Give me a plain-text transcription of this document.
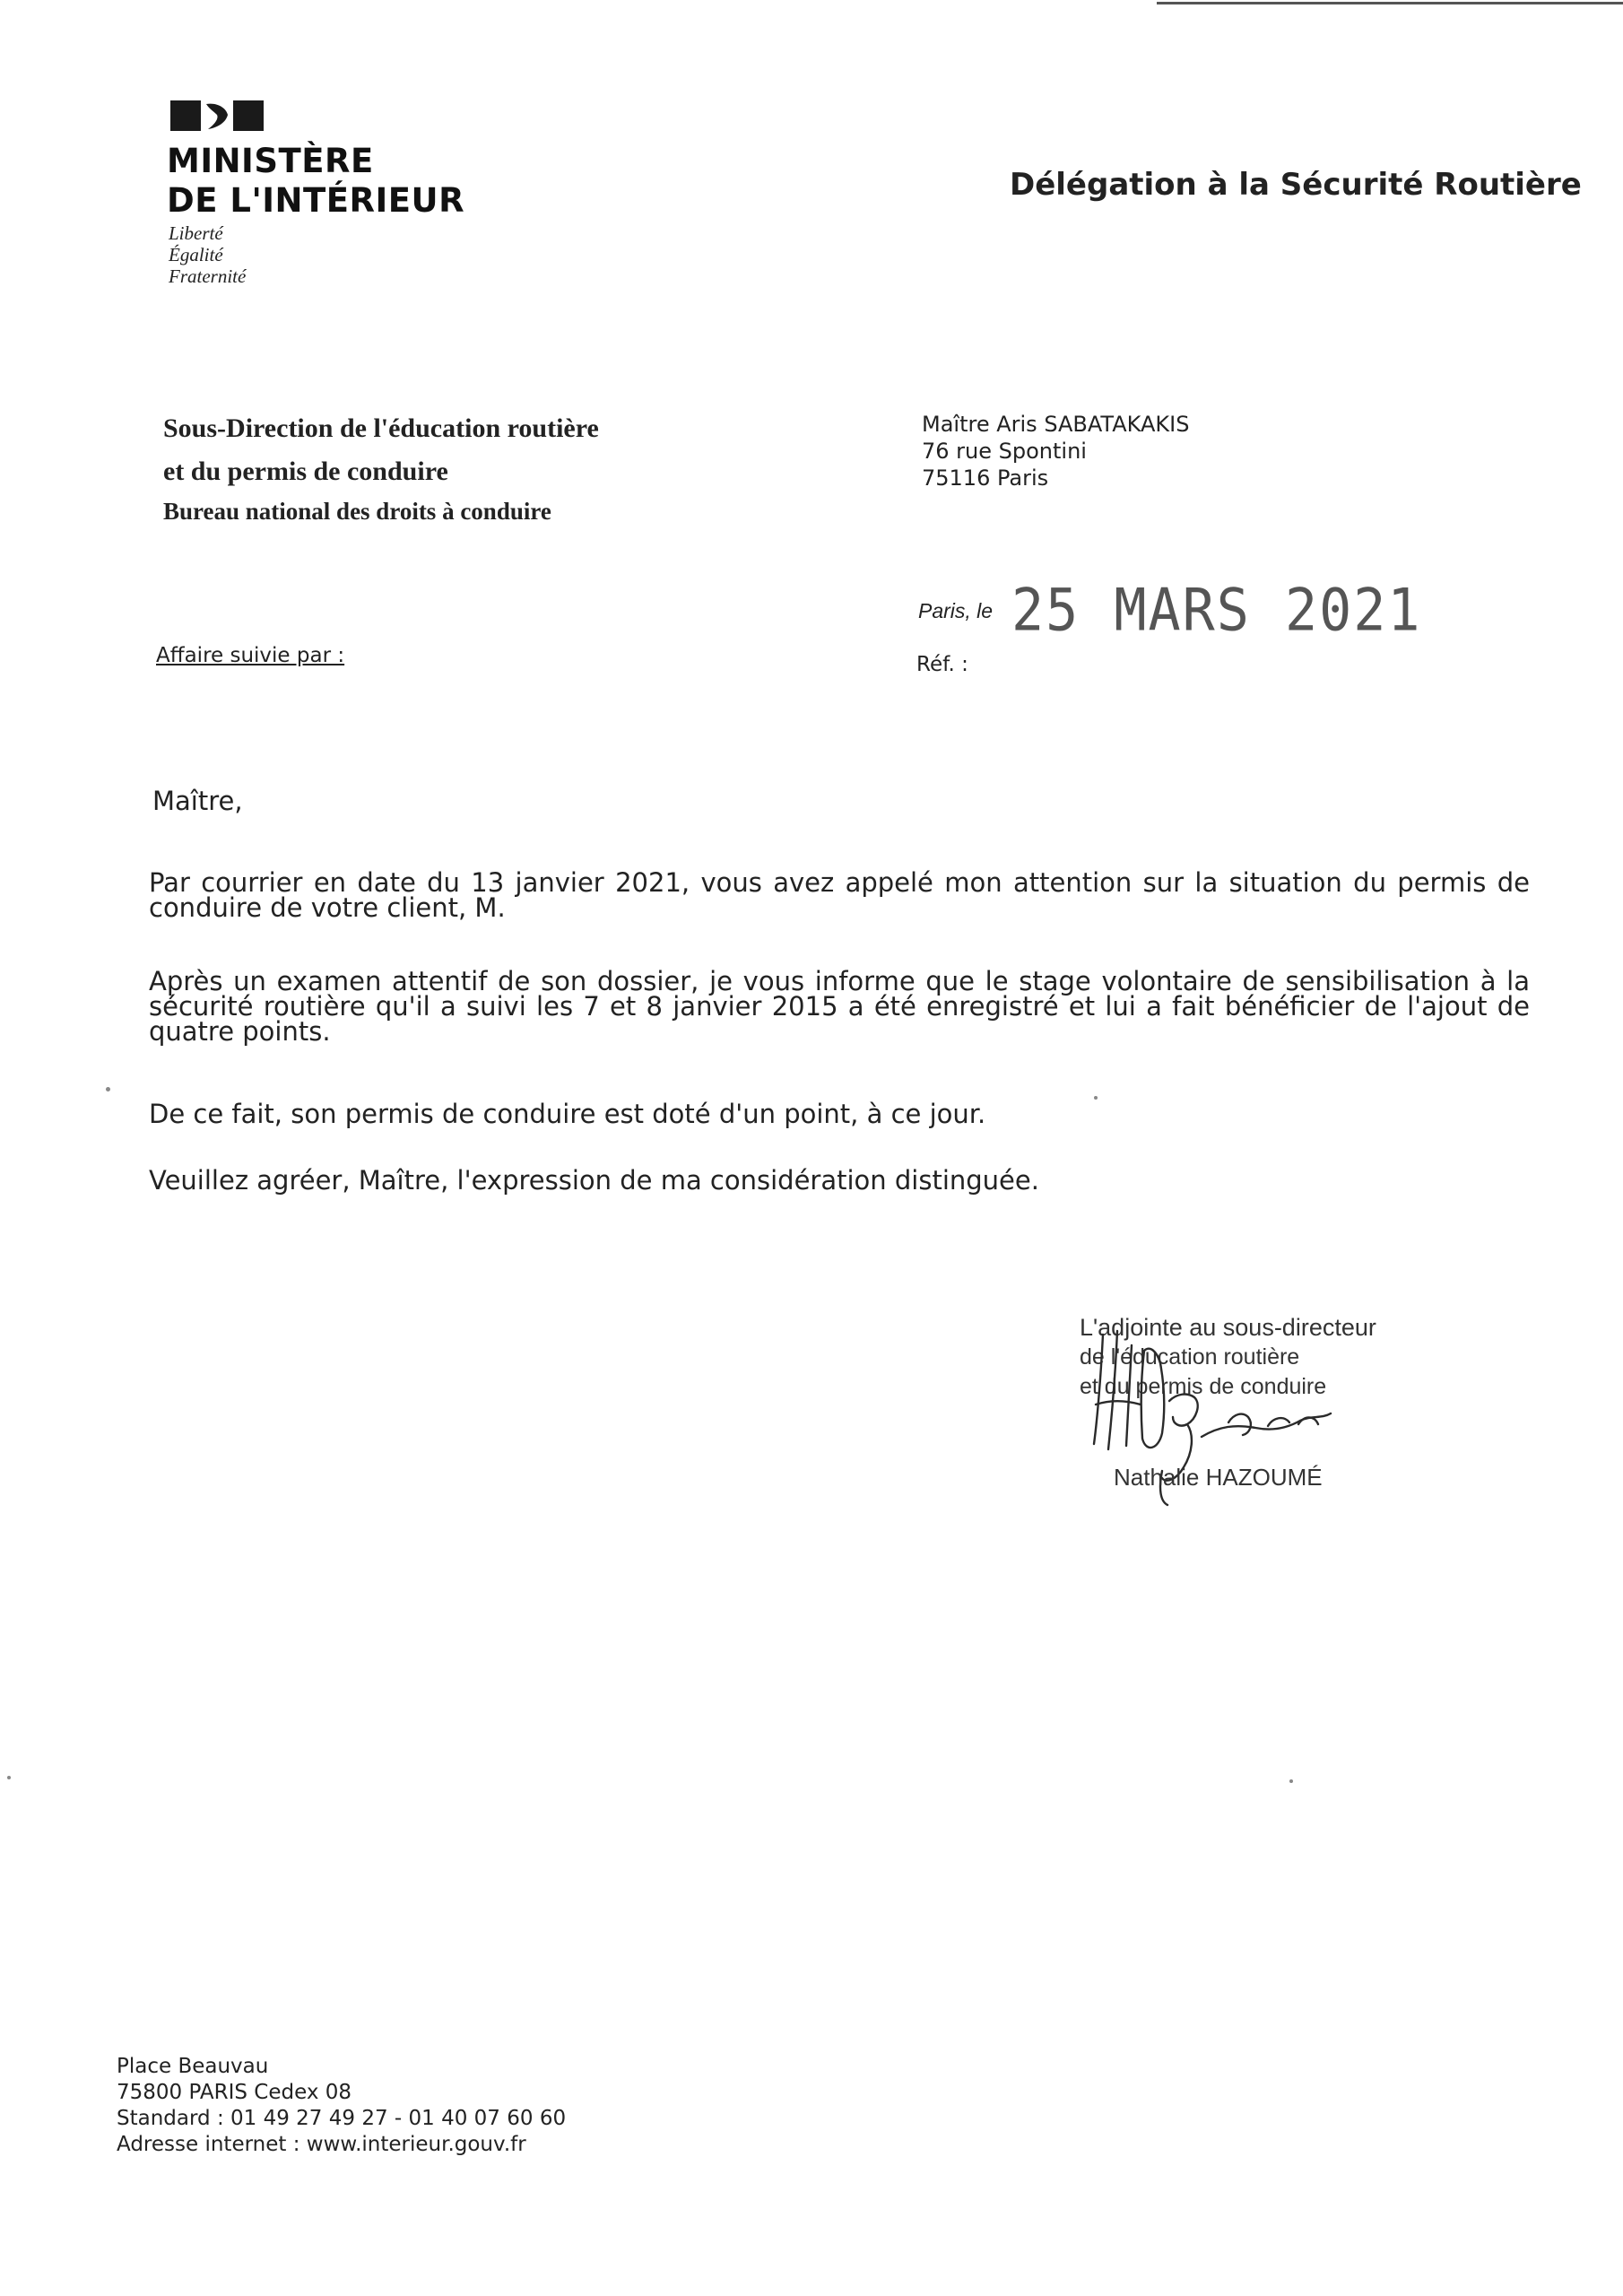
MINISTÈRE
DE L'INTÉRIEUR
Liberté
Égalité
Fraternité
Délégation à la Sécurité Routière
Sous-Direction de l'éducation routière
et du permis de conduire
Bureau national des droits à conduire
Maître Aris SABATAKAKIS
76 rue Spontini
75116 Paris
Paris, le 25 MARS 2021
Réf. :
Affaire suivie par :
Maître,
Par courrier en date du 13 janvier 2021, vous avez appelé mon attention sur la situation du permis de conduire de votre client, M.
Après un examen attentif de son dossier, je vous informe que le stage volontaire de sensibilisation à la sécurité routière qu'il a suivi les 7 et 8 janvier 2015 a été enregistré et lui a fait bénéficier de l'ajout de quatre points.
De ce fait, son permis de conduire est doté d'un point, à ce jour.
Veuillez agréer, Maître, l'expression de ma considération distinguée.
L'adjointe au sous-directeur
de l'éducation routière
et du permis de conduire
Nathalie HAZOUMÉ
Place Beauvau
75800 PARIS Cedex 08
Standard : 01 49 27 49 27 - 01 40 07 60 60
Adresse internet : www.interieur.gouv.fr
